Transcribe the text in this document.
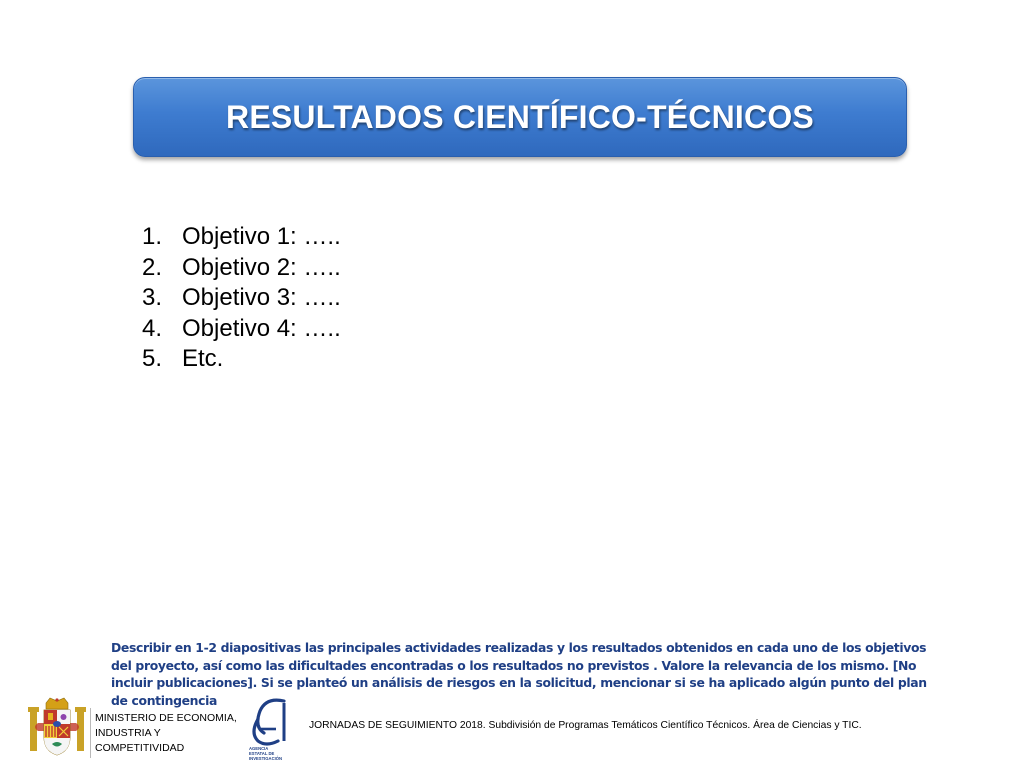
RESULTADOS CIENTÍFICO-TÉCNICOS
1. Objetivo 1: …..
2. Objetivo 2: …..
3. Objetivo 3: …..
4. Objetivo 4: …..
5. Etc.
Describir en 1-2 diapositivas las principales actividades realizadas y los resultados obtenidos en cada uno de los objetivos del proyecto, así como las dificultades encontradas o los resultados no previstos . Valore la relevancia de los mismo. [No incluir publicaciones]. Si se planteó un análisis de riesgos en la solicitud, mencionar si se ha aplicado algún punto del plan de contingencia
MINISTERIO DE ECONOMIA,
INDUSTRIA Y
COMPETITIVIDAD	AGENCIA
ESTATAL DE
INVESTIGACIÓN
JORNADAS DE SEGUIMIENTO 2018. Subdivisión de Programas Temáticos Científico Técnicos. Área de Ciencias y TIC.
